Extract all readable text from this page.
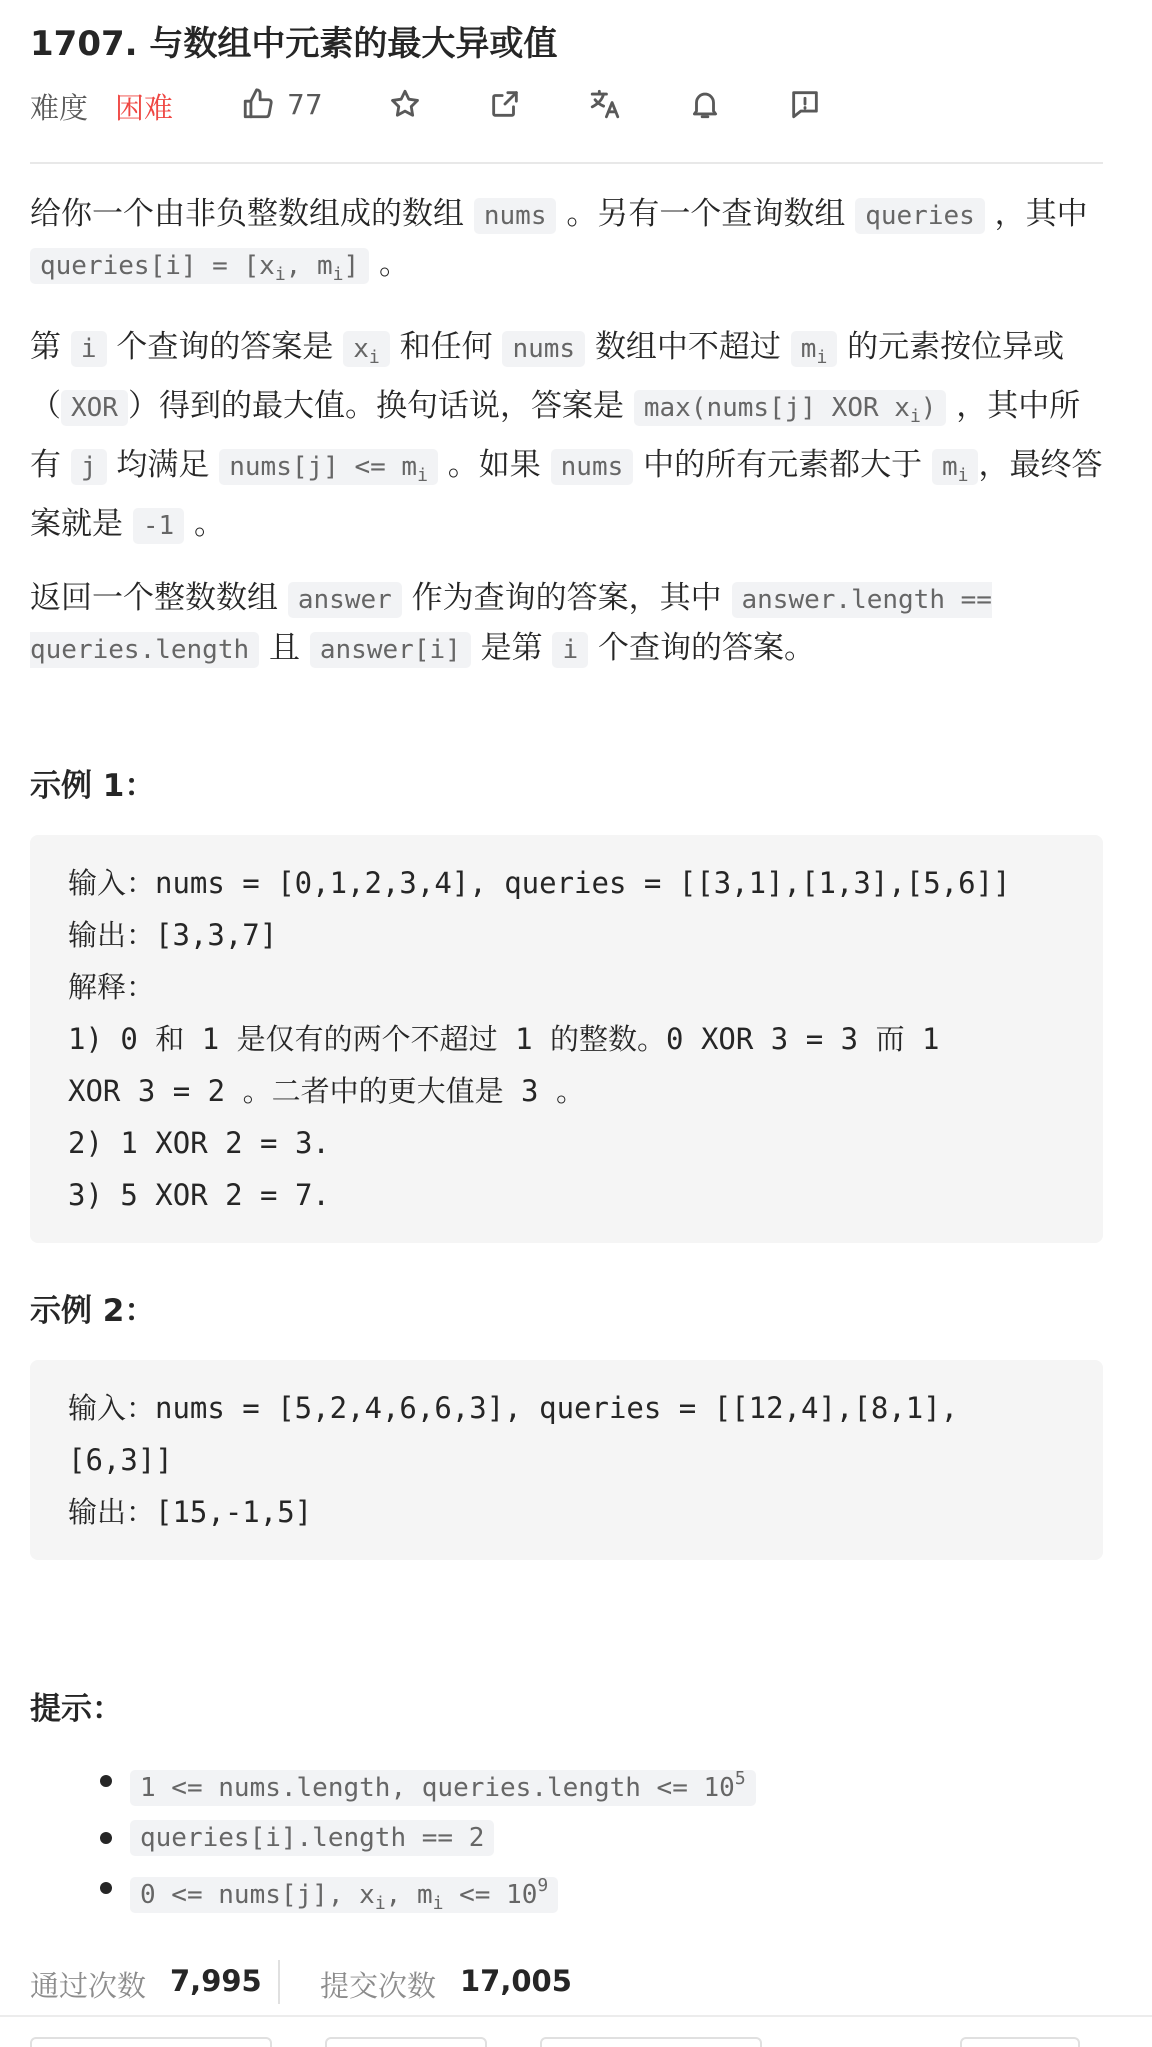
1707. 与数组中元素的最大异或值
难度 困难	77

给你一个由非负整数组成的数组 nums 。另有一个查询数组 queries ，其中 queries[i] = [$x_i$, $m_i$] 。

第 i 个查询的答案是 $x_i$ 和任何 nums 数组中不超过 $m_i$ 的元素按位异或（ XOR ）得到的最大值。换句话说，答案是 max(nums[j] XOR $x_i$) ，其中所有 j 均满足 nums[j] <= $m_i$ 。如果 nums 中的所有元素都大于 $m_i$ ，最终答案就是 -1 。

返回一个整数数组 answer 作为查询的答案，其中 answer.length == queries.length 且 answer[i] 是第 i 个查询的答案。

示例 1：
输入：nums = [0,1,2,3,4], queries = [[3,1],[1,3],[5,6]]
输出：[3,3,7]
解释：
1) 0 和 1 是仅有的两个不超过 1 的整数。0 XOR 3 = 3 而 1
XOR 3 = 2 。二者中的更大值是 3 。
2) 1 XOR 2 = 3.
3) 5 XOR 2 = 7.
示例 2：
输入：nums = [5,2,4,6,6,3], queries = [[12,4],[8,1],
[6,3]]
输出：[15,-1,5]
提示：
1 <= nums.length, queries.length <= $10^5$
queries[i].length == 2
0 <= nums[j], $x_i$, $m_i <= 10^9$
通过次数 7,995 提交次数 17,005
